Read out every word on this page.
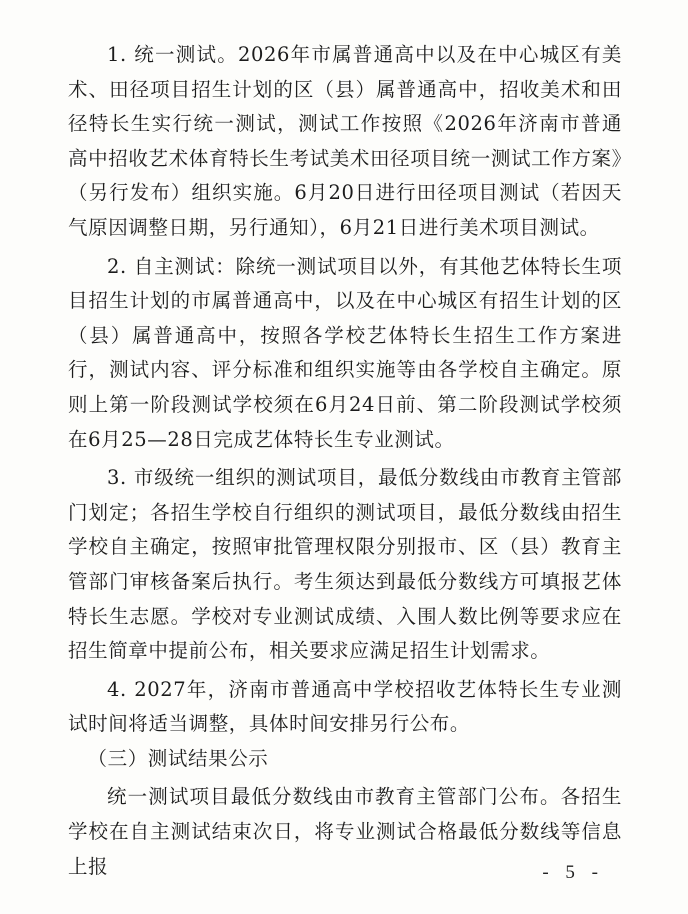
1. 统一测试。2026年市属普通高中以及在中心城区有美术、田径项目招生计划的区（县）属普通高中，招收美术和田径特长生实行统一测试，测试工作按照《2026年济南市普通高中招收艺术体育特长生考试美术田径项目统一测试工作方案》（另行发布）组织实施。6月20日进行田径项目测试（若因天气原因调整日期，另行通知），6月21日进行美术项目测试。

2. 自主测试：除统一测试项目以外，有其他艺体特长生项目招生计划的市属普通高中，以及在中心城区有招生计划的区（县）属普通高中，按照各学校艺体特长生招生工作方案进行，测试内容、评分标准和组织实施等由各学校自主确定。原则上第一阶段测试学校须在6月24日前、第二阶段测试学校须在6月25—28日完成艺体特长生专业测试。

3. 市级统一组织的测试项目，最低分数线由市教育主管部门划定；各招生学校自行组织的测试项目，最低分数线由招生学校自主确定，按照审批管理权限分别报市、区（县）教育主管部门审核备案后执行。考生须达到最低分数线方可填报艺体特长生志愿。学校对专业测试成绩、入围人数比例等要求应在招生简章中提前公布，相关要求应满足招生计划需求。

4. 2027年，济南市普通高中学校招收艺体特长生专业测试时间将适当调整，具体时间安排另行公布。

（三）测试结果公示

统一测试项目最低分数线由市教育主管部门公布。各招生学校在自主测试结束次日，将专业测试合格最低分数线等信息上报	- 5 -
